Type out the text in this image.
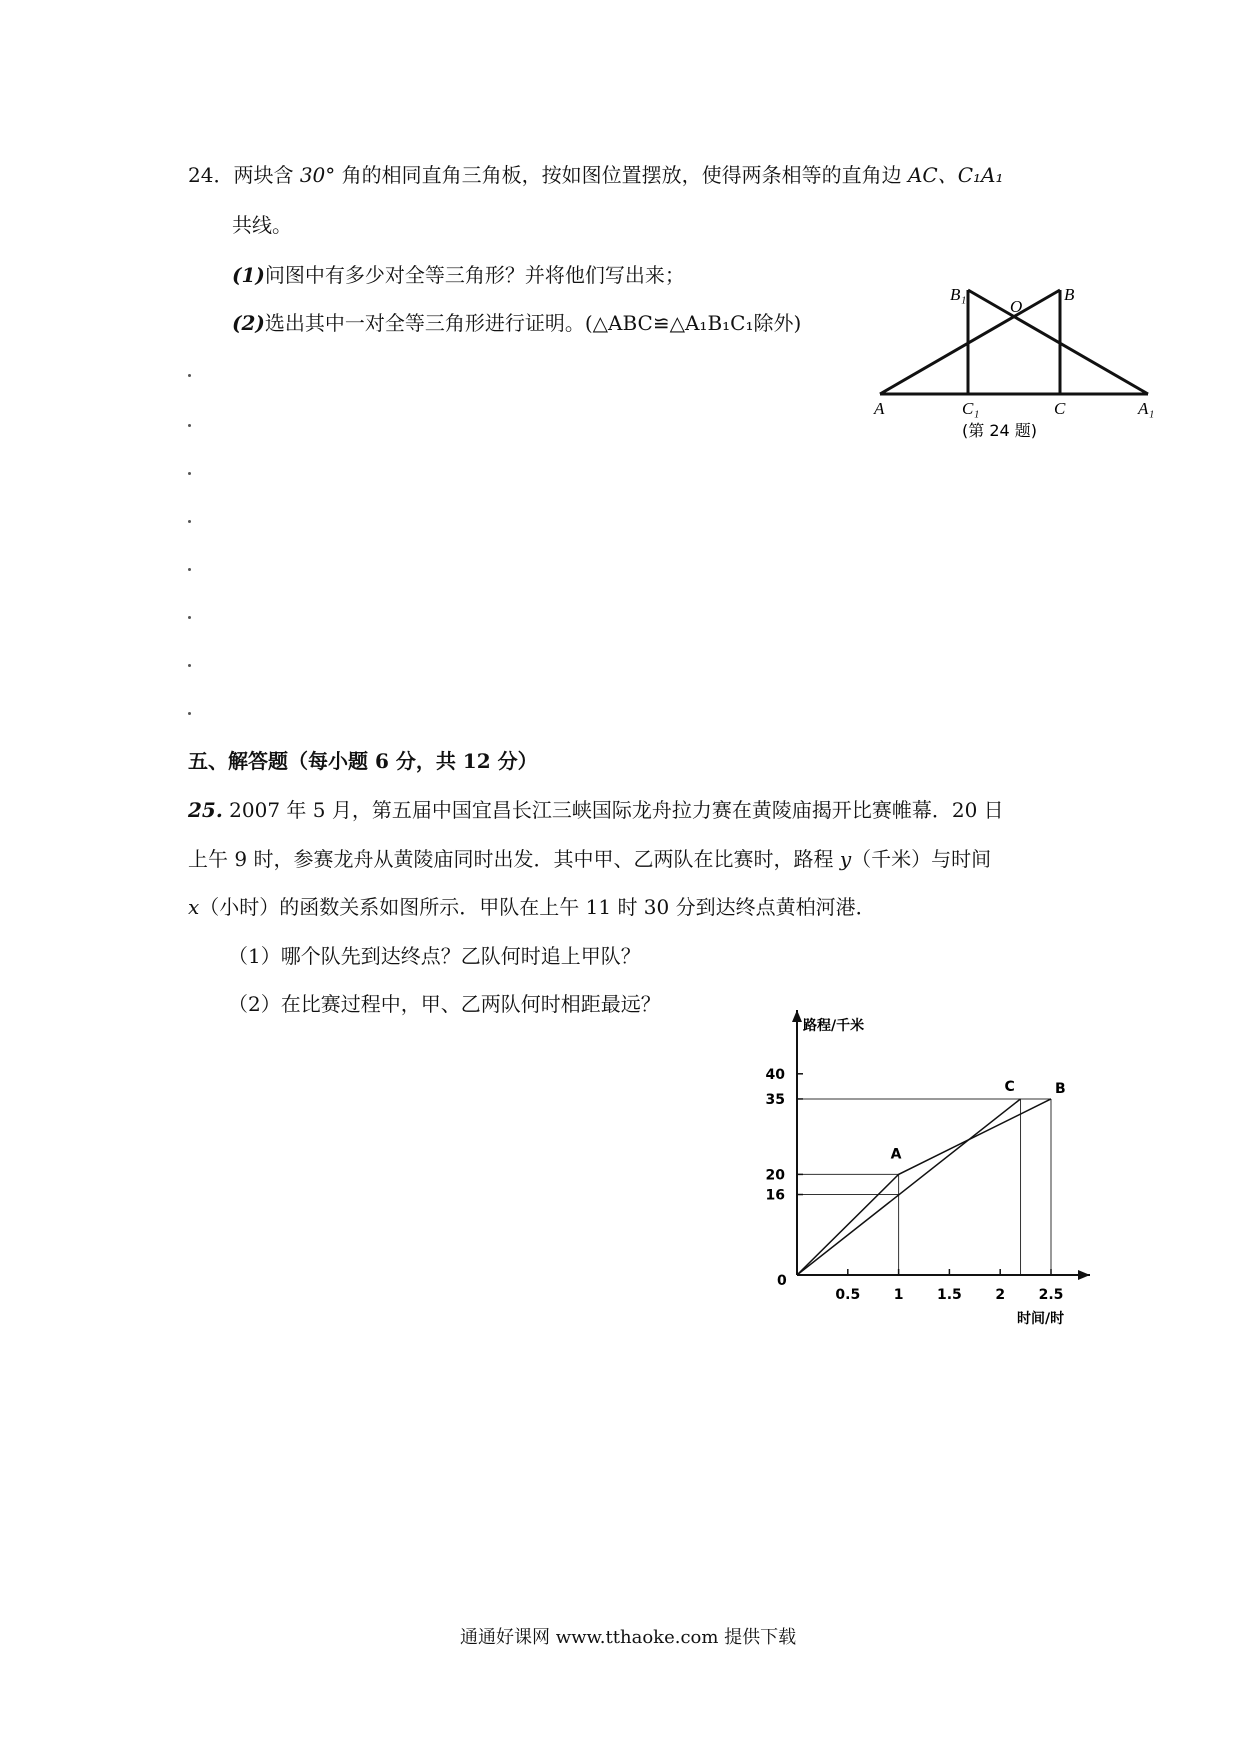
24．两块含 30° 角的相同直角三角板，按如图位置摆放，使得两条相等的直角边 AC、C₁A₁
共线。
(1)问图中有多少对全等三角形？并将他们写出来；
(2)选出其中一对全等三角形进行证明。(△ABC≌△A₁B₁C₁除外)
B₁
O
B
A	C₁	C	A₁
(第 24 题)
五、解答题（每小题 6 分，共 12 分）
25. 2007 年 5 月，第五届中国宜昌长江三峡国际龙舟拉力赛在黄陵庙揭开比赛帷幕．20 日
上午 9 时，参赛龙舟从黄陵庙同时出发．其中甲、乙两队在比赛时，路程 y（千米）与时间
x（小时）的函数关系如图所示．甲队在上午 11 时 30 分到达终点黄柏河港．
（1）哪个队先到达终点？乙队何时追上甲队？
（2）在比赛过程中，甲、乙两队何时相距最远？
路程/千米
时间/时
0
0.5 1 1.5 2 2.5
16
20
35
40
A
C	B
通通好课网 www.tthaoke.com 提供下载
